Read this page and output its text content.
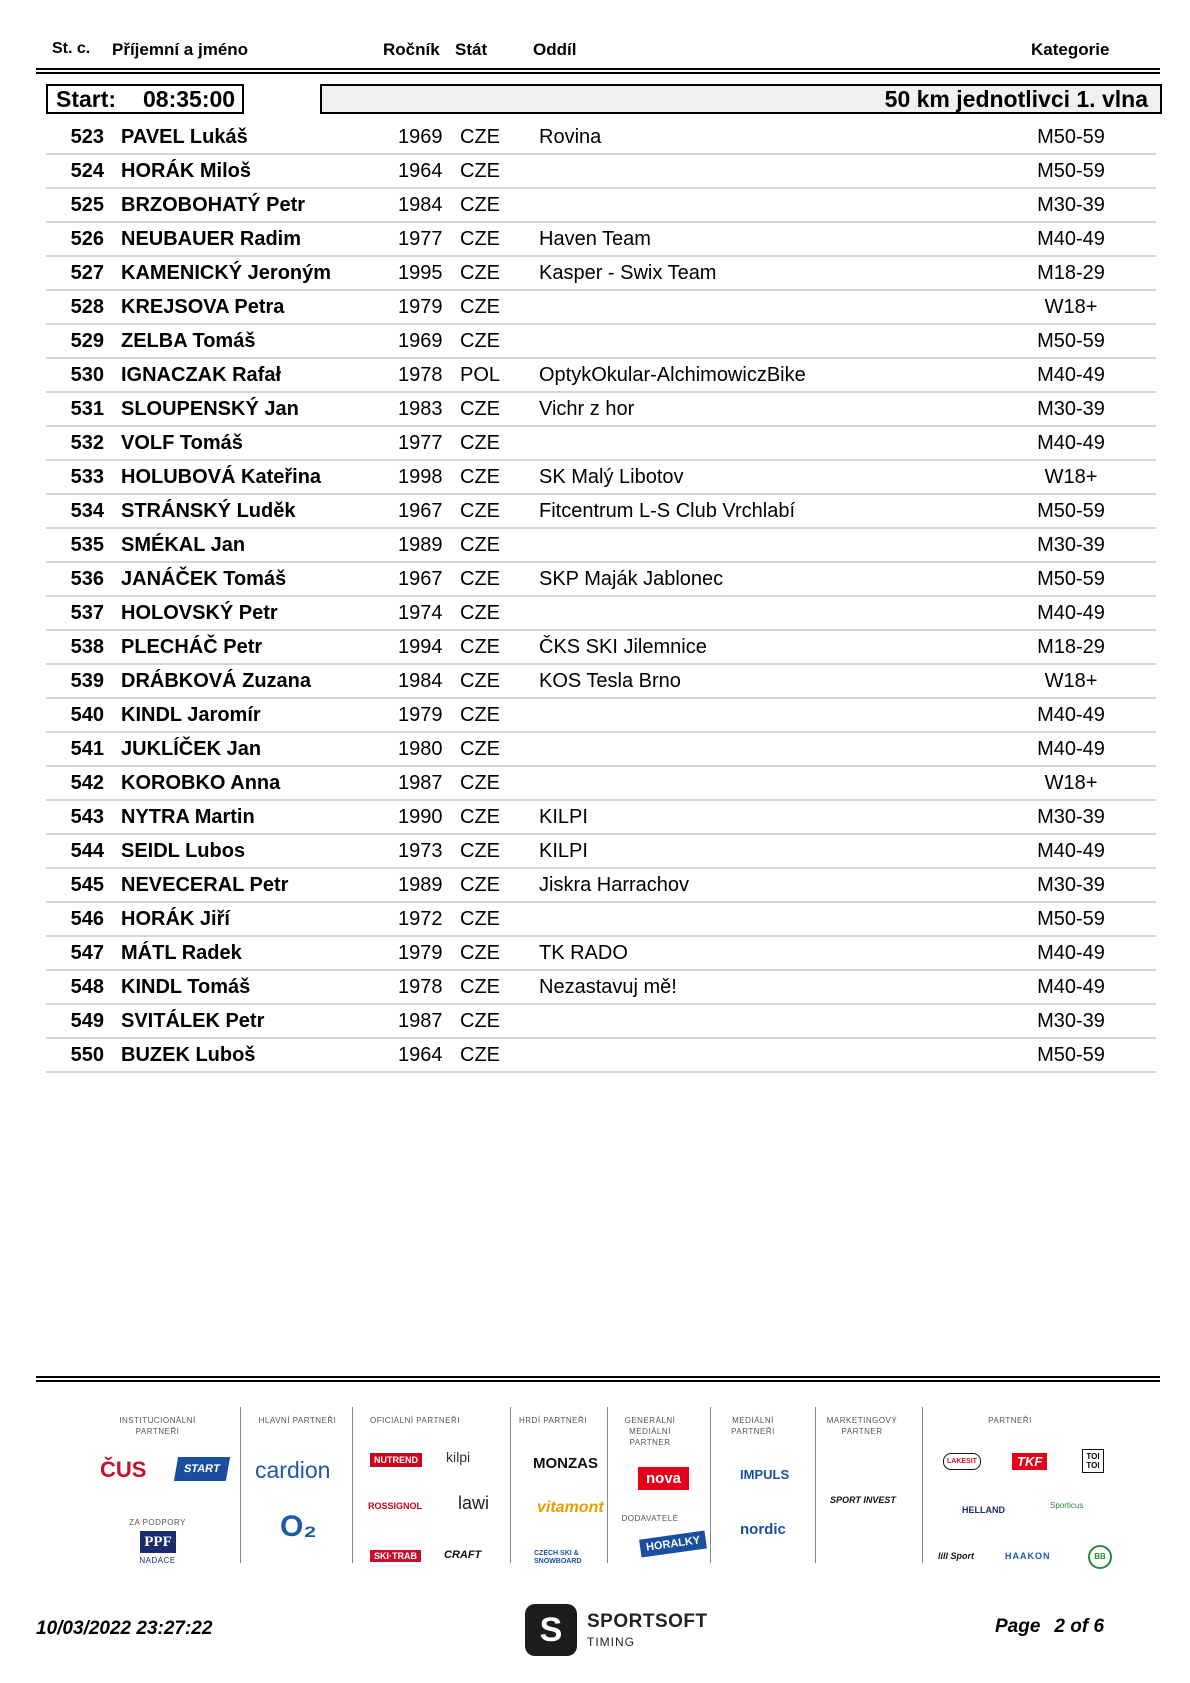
St. c. Příjemní a jméno	Ročník Stát	Oddíl	Kategorie
Start: 08:35:00	50 km jednotlivci 1. vlna
523 PAVEL Lukáš	1969 CZE Rovina	M50-59
524 HORÁK Miloš	1964 CZE	M50-59
525 BRZOBOHATÝ Petr	1984 CZE	M30-39
526 NEUBAUER Radim	1977 CZE Haven Team	M40-49
527 KAMENICKÝ Jeroným	1995 CZE Kasper - Swix Team	M18-29
528 KREJSOVA Petra	1979 CZE	W18+
529 ZELBA Tomáš	1969 CZE	M50-59
530 IGNACZAK Rafał	1978 POL OptykOkular-AlchimowiczBike	M40-49
531 SLOUPENSKÝ Jan	1983 CZE Vichr z hor	M30-39
532 VOLF Tomáš	1977 CZE	M40-49
533 HOLUBOVÁ Kateřina	1998 CZE SK Malý Libotov	W18+
534 STRÁNSKÝ Luděk	1967 CZE Fitcentrum L-S Club Vrchlabí	M50-59
535 SMÉKAL Jan	1989 CZE	M30-39
536 JANÁČEK Tomáš	1967 CZE SKP Maják Jablonec	M50-59
537 HOLOVSKÝ Petr	1974 CZE	M40-49
538 PLECHÁČ Petr	1994 CZE ČKS SKI Jilemnice	M18-29
539 DRÁBKOVÁ Zuzana	1984 CZE KOS Tesla Brno	W18+
540 KINDL Jaromír	1979 CZE	M40-49
541 JUKLÍČEK Jan	1980 CZE	M40-49
542 KOROBKO Anna	1987 CZE	W18+
543 NYTRA Martin	1990 CZE KILPI	M30-39
544 SEIDL Lubos	1973 CZE KILPI	M40-49
545 NEVECERAL Petr	1989 CZE Jiskra Harrachov	M30-39
546 HORÁK Jiří	1972 CZE	M50-59
547 MÁTL Radek	1979 CZE TK RADO	M40-49
548 KINDL Tomáš	1978 CZE Nezastavuj mě!	M40-49
549 SVITÁLEK Petr	1987 CZE	M30-39
550 BUZEK Luboš	1964 CZE	M50-59
INSTITUCIONÁLNÍ PARTNEŘI
ČUS	START
ZA PODPORY
PPF
NADACE
HLAVNÍ PARTNEŘI
cardion
O₂
OFICIÁLNÍ PARTNEŘI
NUTREND kilpi
ROSSIGNOL lawi
SKI·TRAB	CRAFT
HRDÍ PARTNEŘI
MONZAS
vitamont
CZECH SKI & SNOWBOARD
GENERÁLNÍ MEDIÁLNÍ PARTNER
nova
DODAVATELÉ
HORALKY
MEDIÁLNÍ PARTNEŘI
IMPULS
nordic
MARKETINGOVÝ PARTNER
SPORT INVEST
PARTNEŘI
LAKESIT	TKF	TOI TOI
HELLAND	Sporticus
lill Sport	HAAKON	BB
10/03/2022 23:27:22	S	SPORTSOFT
TIMING
Page 2 of 6
